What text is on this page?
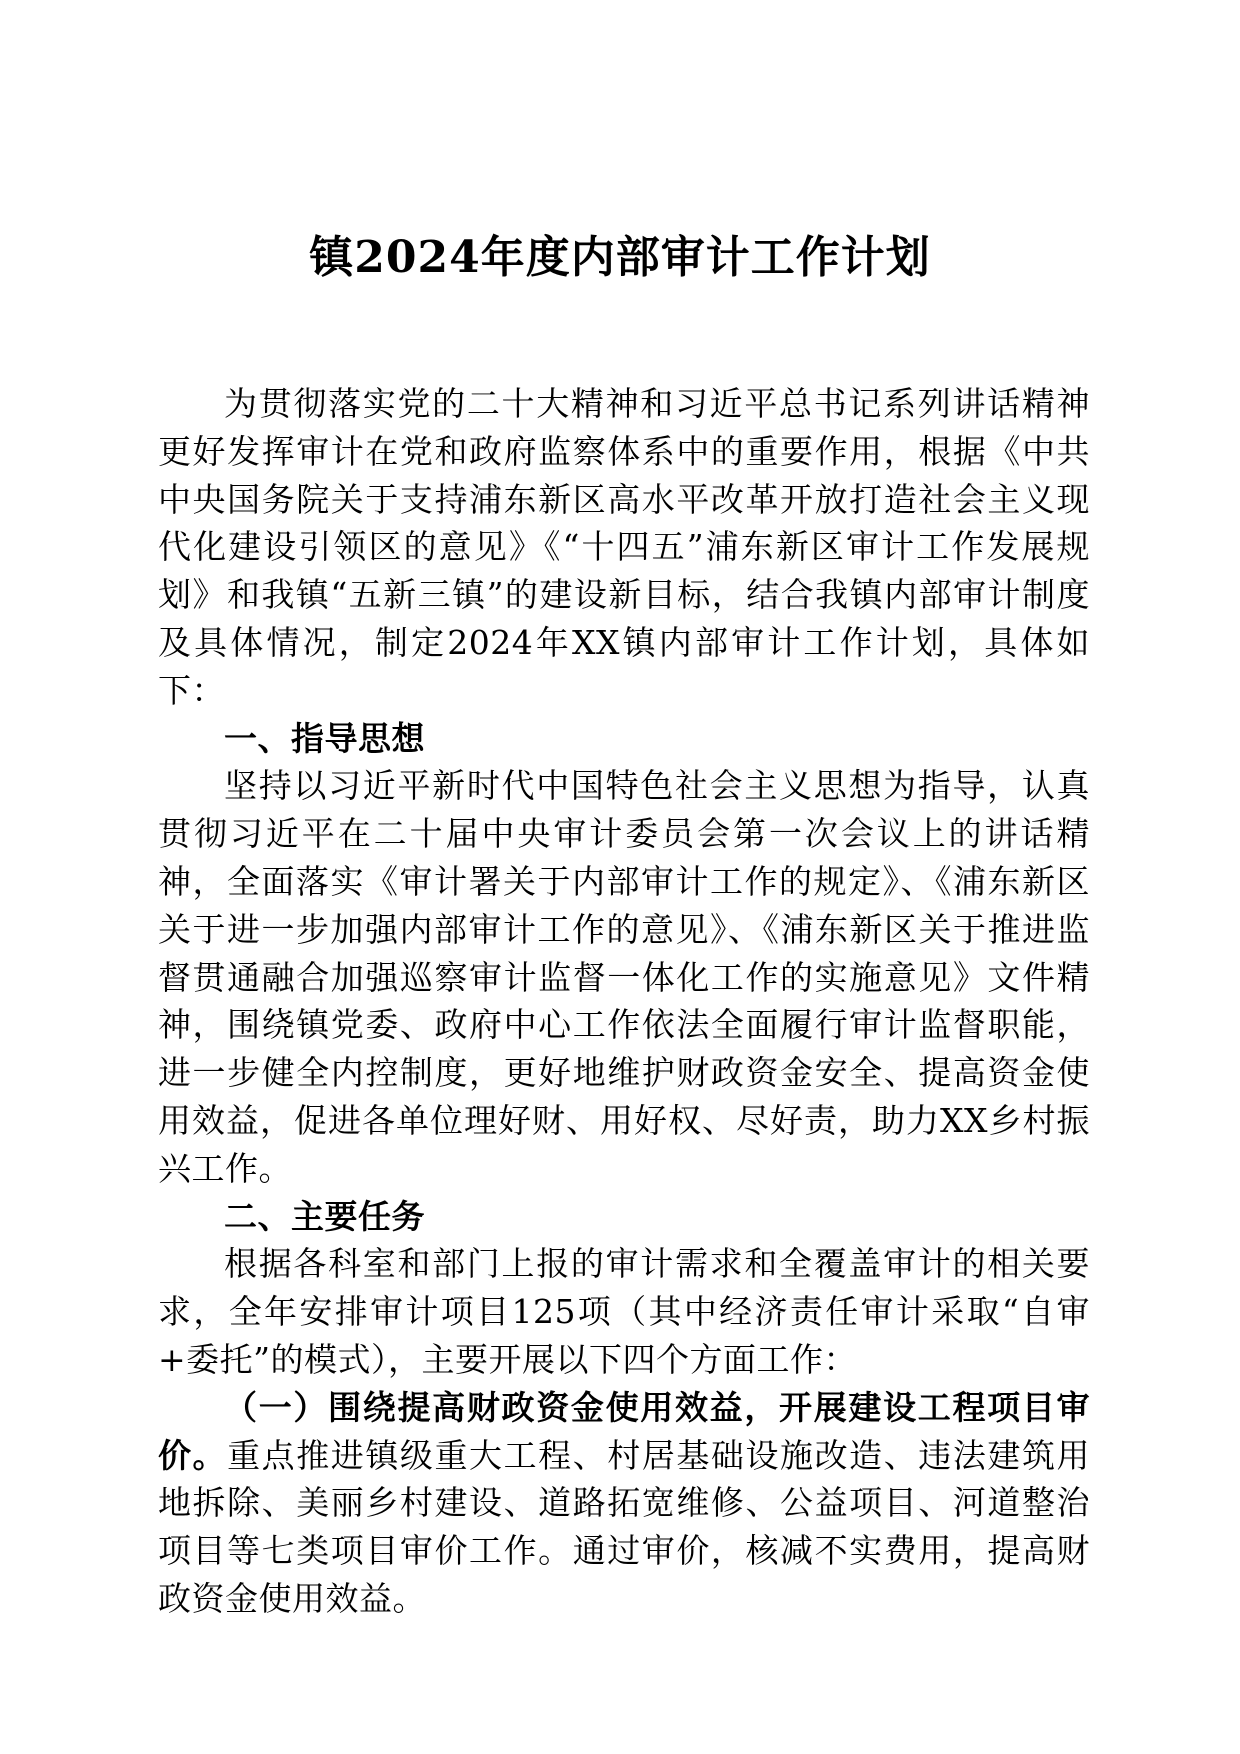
镇2024年度内部审计工作计划

为贯彻落实党的二十大精神和习近平总书记系列讲话精神更好发挥审计在党和政府监察体系中的重要作用，根据《中共中央国务院关于支持浦东新区高水平改革开放打造社会主义现代化建设引领区的意见》《“十四五”浦东新区审计工作发展规划》和我镇“五新三镇”的建设新目标，结合我镇内部审计制度及具体情况，制定2024年XX镇内部审计工作计划，具体如下：

一、指导思想

坚持以习近平新时代中国特色社会主义思想为指导，认真贯彻习近平在二十届中央审计委员会第一次会议上的讲话精神，全面落实《审计署关于内部审计工作的规定》、《浦东新区关于进一步加强内部审计工作的意见》、《浦东新区关于推进监督贯通融合加强巡察审计监督一体化工作的实施意见》文件精神，围绕镇党委、政府中心工作依法全面履行审计监督职能，进一步健全内控制度，更好地维护财政资金安全、提高资金使用效益，促进各单位理好财、用好权、尽好责，助力XX乡村振兴工作。

二、主要任务

根据各科室和部门上报的审计需求和全覆盖审计的相关要求，全年安排审计项目125项（其中经济责任审计采取“自审+委托”的模式），主要开展以下四个方面工作：

（一）围绕提高财政资金使用效益，开展建设工程项目审价。重点推进镇级重大工程、村居基础设施改造、违法建筑用地拆除、美丽乡村建设、道路拓宽维修、公益项目、河道整治项目等七类项目审价工作。通过审价，核减不实费用，提高财政资金使用效益。
